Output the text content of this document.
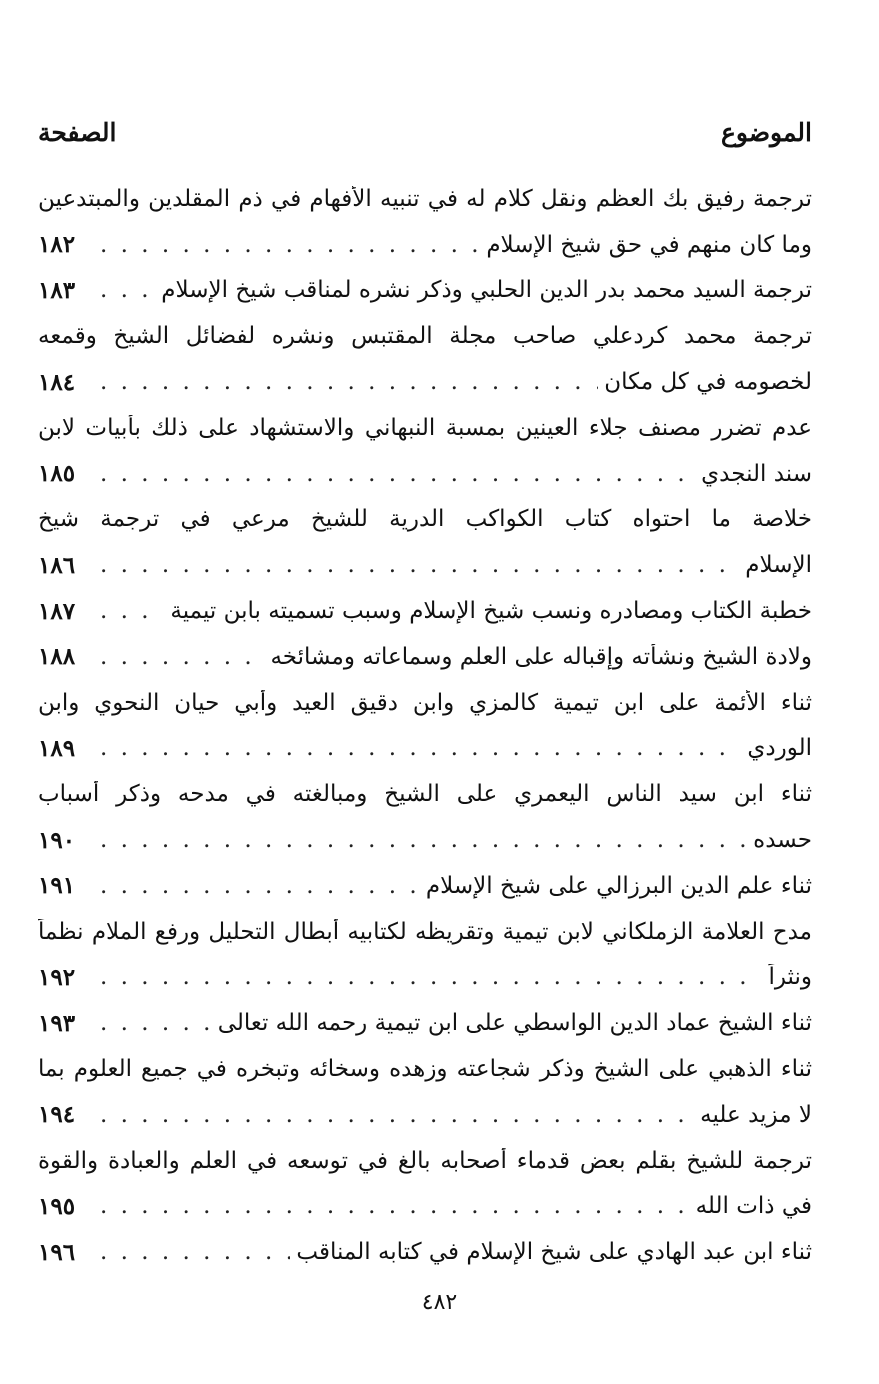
الموضوع
الصفحة
ترجمة رفيق بك العظم ونقل كلام له في تنبيه الأفهام في ذم المقلدين والمبتدعين
وما كان منهم في حق شيخ الإسلام
. . .
١٨٢
ترجمة السيد محمد بدر الدين الحلبي وذكر نشره لمناقب شيخ الإسلام
. . .
١٨٣
ترجمة محمد كردعلي صاحب مجلة المقتبس ونشره لفضائل الشيخ وقمعه
لخصومه في كل مكان
. . .
١٨٤
عدم تضرر مصنف جلاء العينين بمسبة النبهاني والاستشهاد على ذلك بأبيات لابن
سند النجدي
. . .
١٨٥
خلاصة ما احتواه كتاب الكواكب الدرية للشيخ مرعي في ترجمة شيخ
الإسلام
. . .
١٨٦
خطبة الكتاب ومصادره ونسب شيخ الإسلام وسبب تسميته بابن تيمية
. . .
١٨٧
ولادة الشيخ ونشأته وإقباله على العلم وسماعاته ومشائخه
. . .
١٨٨
ثناء الأئمة على ابن تيمية كالمزي وابن دقيق العيد وأبي حيان النحوي وابن
الوردي
. . .
١٨٩
ثناء ابن سيد الناس اليعمري على الشيخ ومبالغته في مدحه وذكر أسباب
حسده
. . .
١٩٠
ثناء علم الدين البرزالي على شيخ الإسلام
. . .
١٩١
مدح العلامة الزملكاني لابن تيمية وتقريظه لكتابيه أبطال التحليل ورفع الملام نظماً
ونثراً
. . .
١٩٢
ثناء الشيخ عماد الدين الواسطي على ابن تيمية رحمه الله تعالى
. . .
١٩٣
ثناء الذهبي على الشيخ وذكر شجاعته وزهده وسخائه وتبخره في جميع العلوم بما
لا مزيد عليه
. . .
١٩٤
ترجمة للشيخ بقلم بعض قدماء أصحابه بالغ في توسعه في العلم والعبادة والقوة
في ذات الله
. . .
١٩٥
ثناء ابن عبد الهادي على شيخ الإسلام في كتابه المناقب
. . .
١٩٦
٤٨٢
